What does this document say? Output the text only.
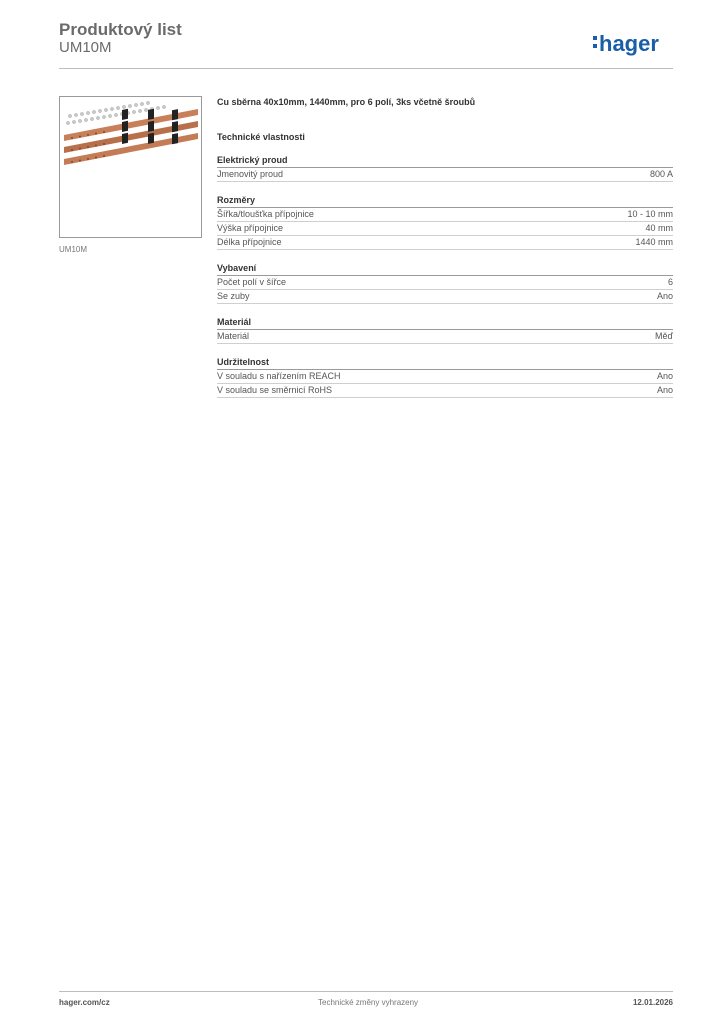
Produktový list
UM10M	hager
UM10M
Cu sběrna 40x10mm, 1440mm, pro 6 polí, 3ks včetně šroubů
Technické vlastnosti
Elektrický proud
Jmenovitý proud	800 A
Rozměry
Šířka/tloušťka přípojnice	10 - 10 mm
Výška přípojnice	40 mm
Délka přípojnice	1440 mm
Vybavení
Počet polí v šířce	6
Se zuby	Ano
Materiál
Materiál	Měď
Udržitelnost
V souladu s nařízením REACH	Ano
V souladu se směrnicí RoHS	Ano
hager.com/cz	Technické změny vyhrazeny	12.01.2026
